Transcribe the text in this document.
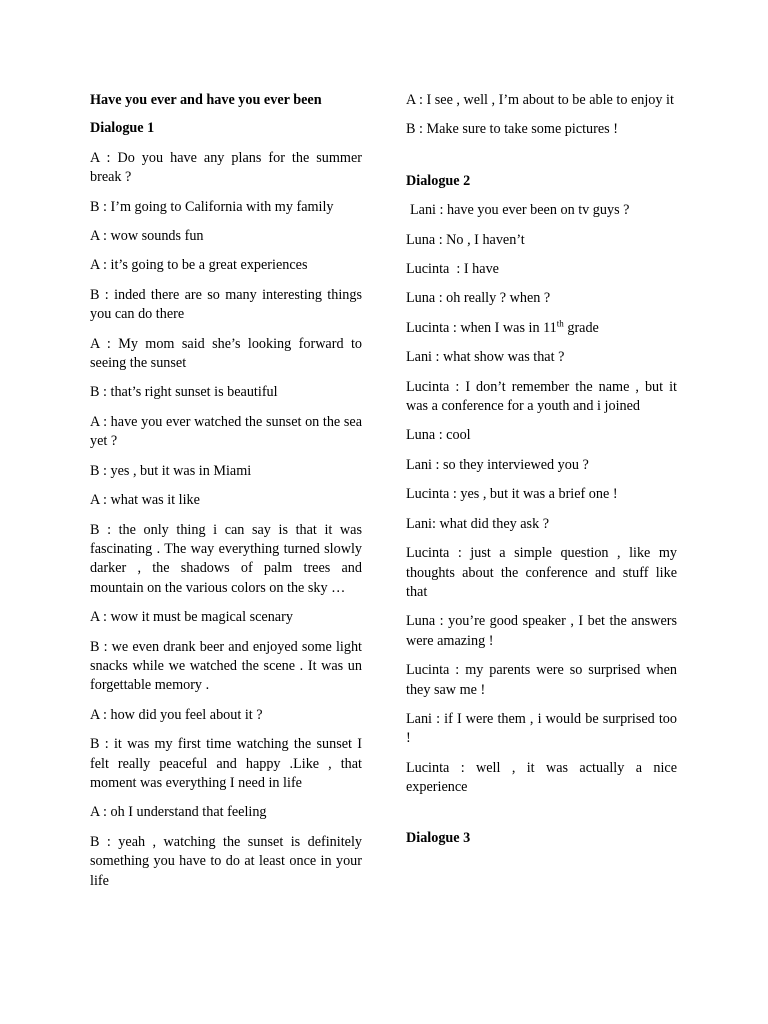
Have you ever and have you ever been

Dialogue 1

A : Do you have any plans for the summer break ?

B : I’m going to California with my family

A : wow sounds fun

A : it’s going to be a great experiences

B : inded there are so many interesting things you can do there

A : My mom said she’s looking forward to seeing the sunset

B : that’s right sunset is beautiful

A : have you ever watched the sunset on the sea yet ?

B : yes , but it was in Miami

A : what was it like

B : the only thing i can say is that it was fascinating . The way everything turned slowly darker , the shadows of palm trees and mountain on the various colors on the sky …

A : wow it must be magical scenary

B : we even drank beer and enjoyed some light snacks while we watched the scene . It was un forgettable memory .

A : how did you feel about it ?

B : it was my first time watching the sunset I felt really peaceful and happy .Like , that moment was everything I need in life

A : oh I understand that feeling

B : yeah , watching the sunset is definitely something you have to do at least once in your life

A : I see , well , I’m about to be able to enjoy it

B : Make sure to take some pictures !

Dialogue 2

Lani : have you ever been on tv guys ?

Luna : No , I haven’t

Lucinta  : I have

Luna : oh really ? when ?

Lucinta : when I was in 11th grade

Lani : what show was that ?

Lucinta : I don’t remember the name , but it was a conference for a youth and i joined

Luna : cool

Lani : so they interviewed you ?

Lucinta : yes , but it was a brief one !

Lani: what did they ask ?

Lucinta : just a simple question , like my thoughts about the conference and stuff like that

Luna : you’re good speaker , I bet the answers were amazing !

Lucinta : my parents were so surprised when they saw me !

Lani : if I were them , i would be surprised too !

Lucinta : well , it was actually a nice experience

Dialogue 3
